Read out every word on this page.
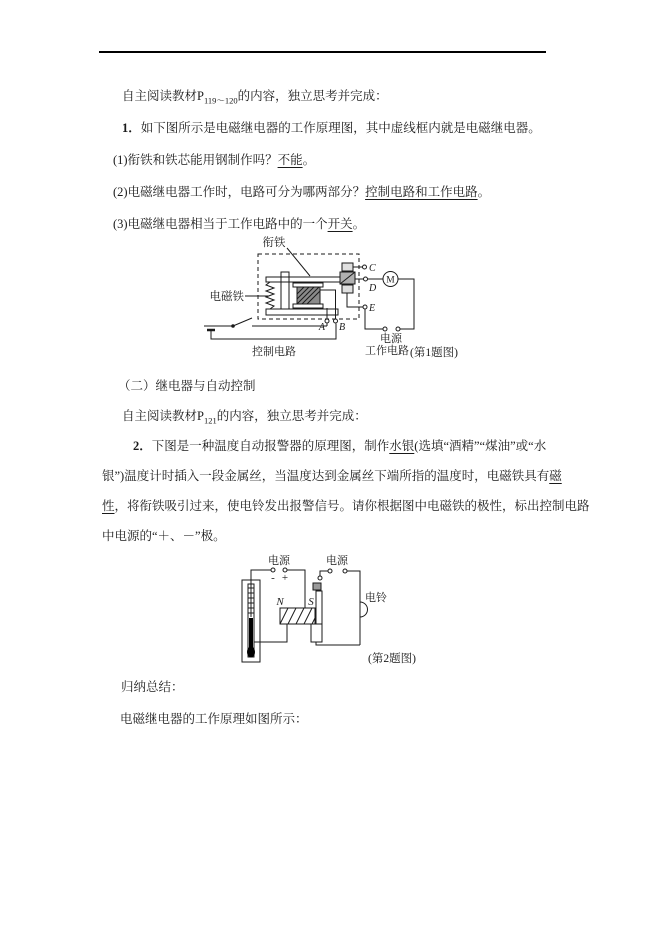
自主阅读教材$P_{119\sim 120}$的内容，独立思考并完成：
1．如下图所示是电磁继电器的工作原理图，其中虚线框内就是电磁继电器。
(1)衔铁和铁芯能用钢制作吗？不能。
(2)电磁继电器工作时，电路可分为哪两部分？控制电路和工作电路。
(3)电磁继电器相当于工作电路中的一个开关。
衔铁
电磁铁
C
D
E
M
A B
电源
工作电路
控制电路	(第1题图)
（二）继电器与自动控制
自主阅读教材$P_{121}$的内容，独立思考并完成：
2．下图是一种温度自动报警器的原理图，制作水银(选填“酒精”“煤油”或“水
银”)温度计时插入一段金属丝，当温度达到金属丝下端所指的温度时，电磁铁具有磁
性，将衔铁吸引过来，使电铃发出报警信号。请你根据图中电磁铁的极性，标出控制电路
中电源的“＋、－”极。
电源
- +
电源
N S	电铃
(第2题图)
归纳总结：
电磁继电器的工作原理如图所示：
